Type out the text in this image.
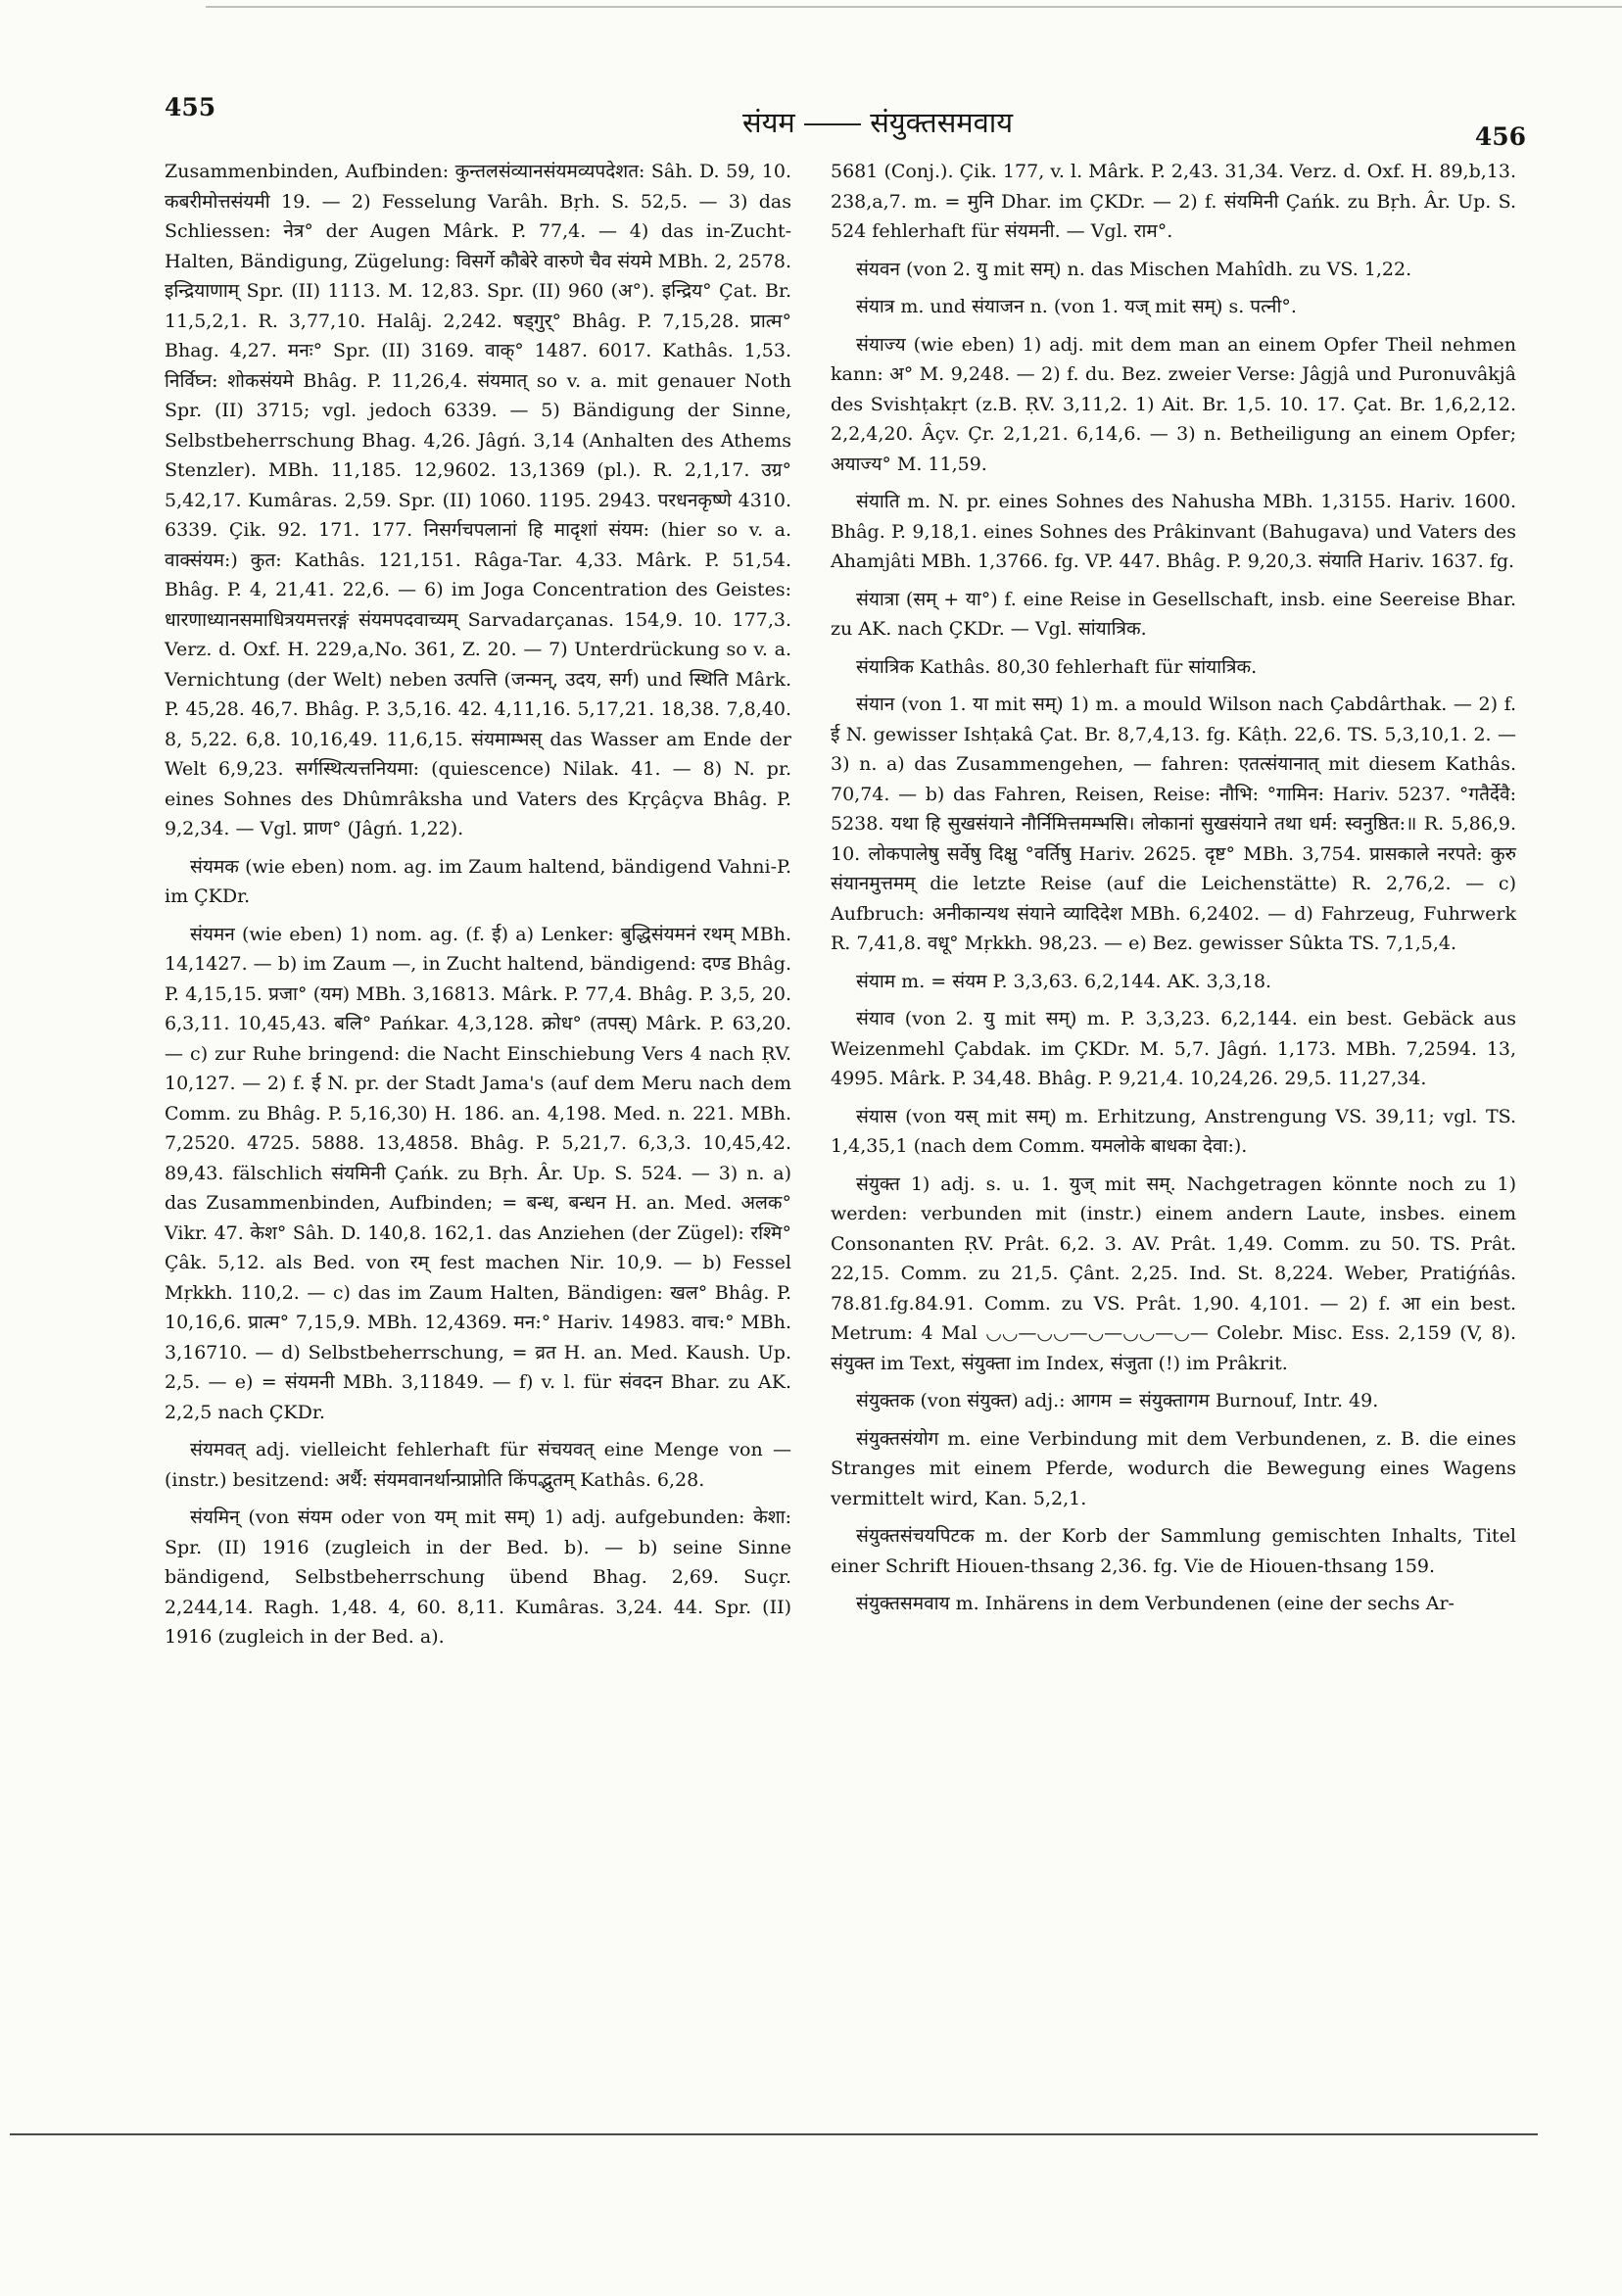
455	संयम ―― संयुक्तसमवाय	456

Zusammenbinden, Aufbinden: कुन्तलसंव्यानसंयमव्यपदेशत: Sâh. D. 59, 10. कबरीमोत्तसंयमी 19. — 2) Fesselung Varâh. Bṛh. S. 52,5. — 3) das Schliessen: नेत्र° der Augen Mârk. P. 77,4. — 4) das in-Zucht-Halten, Bändigung, Zügelung: विसर्गे कौबेरे वारुणे चैव संयमे MBh. 2, 2578. इन्द्रियाणाम् Spr. (II) 1113. M. 12,83. Spr. (II) 960 (अ°). इन्द्रिय° Çat. Br. 11,5,2,1. R. 3,77,10. Halâj. 2,242. षड्गुर्° Bhâg. P. 7,15,28. प्रात्म° Bhag. 4,27. मनः° Spr. (II) 3169. वाक्° 1487. 6017. Kathâs. 1,53. निर्विघ्न: शोकसंयमे Bhâg. P. 11,26,4. संयमात् so v. a. mit genauer Noth Spr. (II) 3715; vgl. jedoch 6339. — 5) Bändigung der Sinne, Selbstbeherrschung Bhag. 4,26. Jâgń. 3,14 (Anhalten des Athems Stenzler). MBh. 11,185. 12,9602. 13,1369 (pl.). R. 2,1,17. उग्र° 5,42,17. Kumâras. 2,59. Spr. (II) 1060. 1195. 2943. परधनकृष्णे 4310. 6339. Çik. 92. 171. 177. निसर्गचपलानां हि मादृशां संयम: (hier so v. a. वाक्संयम:) कुत: Kathâs. 121,151. Râga-Tar. 4,33. Mârk. P. 51,54. Bhâg. P. 4, 21,41. 22,6. — 6) im Joga Concentration des Geistes: धारणाध्यानसमाधित्रयमत्तरङ्गं संयमपदवाच्यम् Sarvadarçanas. 154,9. 10. 177,3. Verz. d. Oxf. H. 229,a,No. 361, Z. 20. — 7) Unterdrückung so v. a. Vernichtung (der Welt) neben उत्पत्ति (जन्मन्, उदय, सर्ग) und स्थिति Mârk. P. 45,28. 46,7. Bhâg. P. 3,5,16. 42. 4,11,16. 5,17,21. 18,38. 7,8,40. 8, 5,22. 6,8. 10,16,49. 11,6,15. संयमाम्भस् das Wasser am Ende der Welt 6,9,23. सर्गस्थित्यत्तनियमा: (quiescence) Nilak. 41. — 8) N. pr. eines Sohnes des Dhûmrâksha und Vaters des Kṛçâçva Bhâg. P. 9,2,34. — Vgl. प्राण° (Jâgń. 1,22).

संयमक (wie eben) nom. ag. im Zaum haltend, bändigend Vahni-P. im ÇKDr.

संयमन (wie eben) 1) nom. ag. (f. ई) a) Lenker: बुद्धिसंयमनं रथम् MBh. 14,1427. — b) im Zaum —, in Zucht haltend, bändigend: दण्ड Bhâg. P. 4,15,15. प्रजा° (यम) MBh. 3,16813. Mârk. P. 77,4. Bhâg. P. 3,5, 20. 6,3,11. 10,45,43. बलि° Pańkar. 4,3,128. क्रोध° (तपस्) Mârk. P. 63,20. — c) zur Ruhe bringend: die Nacht Einschiebung Vers 4 nach ṚV. 10,127. — 2) f. ई N. pr. der Stadt Jama's (auf dem Meru nach dem Comm. zu Bhâg. P. 5,16,30) H. 186. an. 4,198. Med. n. 221. MBh. 7,2520. 4725. 5888. 13,4858. Bhâg. P. 5,21,7. 6,3,3. 10,45,42. 89,43. fälschlich संयमिनी Çańk. zu Bṛh. Âr. Up. S. 524. — 3) n. a) das Zusammenbinden, Aufbinden; = बन्ध, बन्धन H. an. Med. अलक° Vikr. 47. केश° Sâh. D. 140,8. 162,1. das Anziehen (der Zügel): रश्मि° Çâk. 5,12. als Bed. von रम् fest machen Nir. 10,9. — b) Fessel Mṛkkh. 110,2. — c) das im Zaum Halten, Bändigen: खल° Bhâg. P. 10,16,6. प्रात्म° 7,15,9. MBh. 12,4369. मन:° Hariv. 14983. वाच:° MBh. 3,16710. — d) Selbstbeherrschung, = व्रत H. an. Med. Kaush. Up. 2,5. — e) = संयमनी MBh. 3,11849. — f) v. l. für संवदन Bhar. zu AK. 2,2,5 nach ÇKDr.

संयमवत् adj. vielleicht fehlerhaft für संचयवत् eine Menge von — (instr.) besitzend: अर्थै: संयमवानर्थान्प्राप्नोति किंपद्भुतम् Kathâs. 6,28.

संयमिन् (von संयम oder von यम् mit सम्) 1) adj. aufgebunden: केशा: Spr. (II) 1916 (zugleich in der Bed. b). — b) seine Sinne bändigend, Selbstbeherrschung übend Bhag. 2,69. Suçr. 2,244,14. Ragh. 1,48. 4, 60. 8,11. Kumâras. 3,24. 44. Spr. (II) 1916 (zugleich in der Bed. a).

5681 (Conj.). Çik. 177, v. l. Mârk. P. 2,43. 31,34. Verz. d. Oxf. H. 89,b,13. 238,a,7. m. = मुनि Dhar. im ÇKDr. — 2) f. संयमिनी Çańk. zu Bṛh. Âr. Up. S. 524 fehlerhaft für संयमनी. — Vgl. राम°.

संयवन (von 2. यु mit सम्) n. das Mischen Mahîdh. zu VS. 1,22.

संयात्र m. und संयाजन n. (von 1. यज् mit सम्) s. पत्नी°.

संयाज्य (wie eben) 1) adj. mit dem man an einem Opfer Theil nehmen kann: अ° M. 9,248. — 2) f. du. Bez. zweier Verse: Jâgjâ und Puronuvâkjâ des Svishṭakṛt (z.B. ṚV. 3,11,2. 1) Ait. Br. 1,5. 10. 17. Çat. Br. 1,6,2,12. 2,2,4,20. Âçv. Çr. 2,1,21. 6,14,6. — 3) n. Betheiligung an einem Opfer; अयाज्य° M. 11,59.

संयाति m. N. pr. eines Sohnes des Nahusha MBh. 1,3155. Hariv. 1600. Bhâg. P. 9,18,1. eines Sohnes des Prâkinvant (Bahugava) und Vaters des Ahamjâti MBh. 1,3766. fg. VP. 447. Bhâg. P. 9,20,3. संयाति Hariv. 1637. fg.

संयात्रा (सम् + या°) f. eine Reise in Gesellschaft, insb. eine Seereise Bhar. zu AK. nach ÇKDr. — Vgl. सांयात्रिक.

संयात्रिक Kathâs. 80,30 fehlerhaft für सांयात्रिक.

संयान (von 1. या mit सम्) 1) m. a mould Wilson nach Çabdârthak. — 2) f. ई N. gewisser Ishṭakâ Çat. Br. 8,7,4,13. fg. Kâṭh. 22,6. TS. 5,3,10,1. 2. — 3) n. a) das Zusammengehen, — fahren: एतत्संयानात् mit diesem Kathâs. 70,74. — b) das Fahren, Reisen, Reise: नौभि: °गामिन: Hariv. 5237. °गतैर्देवै: 5238. यथा हि सुखसंयाने नौर्निमित्तमम्भसि। लोकानां सुखसंयाने तथा धर्म: स्वनुष्ठित:॥ R. 5,86,9. 10. लोकपालेषु सर्वेषु दिक्षु °वर्तिषु Hariv. 2625. दृष्ट° MBh. 3,754. प्रासकाले नरपते: कुरु संयानमुत्तमम् die letzte Reise (auf die Leichenstätte) R. 2,76,2. — c) Aufbruch: अनीकान्यथ संयाने व्यादिदेश MBh. 6,2402. — d) Fahrzeug, Fuhrwerk R. 7,41,8. वधू° Mṛkkh. 98,23. — e) Bez. gewisser Sûkta TS. 7,1,5,4.

संयाम m. = संयम P. 3,3,63. 6,2,144. AK. 3,3,18.

संयाव (von 2. यु mit सम्) m. P. 3,3,23. 6,2,144. ein best. Gebäck aus Weizenmehl Çabdak. im ÇKDr. M. 5,7. Jâgń. 1,173. MBh. 7,2594. 13, 4995. Mârk. P. 34,48. Bhâg. P. 9,21,4. 10,24,26. 29,5. 11,27,34.

संयास (von यस् mit सम्) m. Erhitzung, Anstrengung VS. 39,11; vgl. TS. 1,4,35,1 (nach dem Comm. यमलोके बाधका देवा:).

संयुक्त 1) adj. s. u. 1. युज् mit सम्. Nachgetragen könnte noch zu 1) werden: verbunden mit (instr.) einem andern Laute, insbes. einem Consonanten ṚV. Prât. 6,2. 3. AV. Prât. 1,49. Comm. zu 50. TS. Prât. 22,15. Comm. zu 21,5. Çânt. 2,25. Ind. St. 8,224. Weber, Pratiǵńâs. 78.81.fg.84.91. Comm. zu VS. Prât. 1,90. 4,101. — 2) f. आ ein best. Metrum: 4 Mal ◡◡—◡◡—◡—◡◡—◡— Colebr. Misc. Ess. 2,159 (V, 8). संयुक्त im Text, संयुक्ता im Index, संजुता (!) im Prâkrit.

संयुक्तक (von संयुक्त) adj.: आगम = संयुक्तागम Burnouf, Intr. 49.

संयुक्तसंयोग m. eine Verbindung mit dem Verbundenen, z. B. die eines Stranges mit einem Pferde, wodurch die Bewegung eines Wagens vermittelt wird, Kan. 5,2,1.

संयुक्तसंचयपिटक m. der Korb der Sammlung gemischten Inhalts, Titel einer Schrift Hiouen-thsang 2,36. fg. Vie de Hiouen-thsang 159.

संयुक्तसमवाय m. Inhärens in dem Verbundenen (eine der sechs Ar-
